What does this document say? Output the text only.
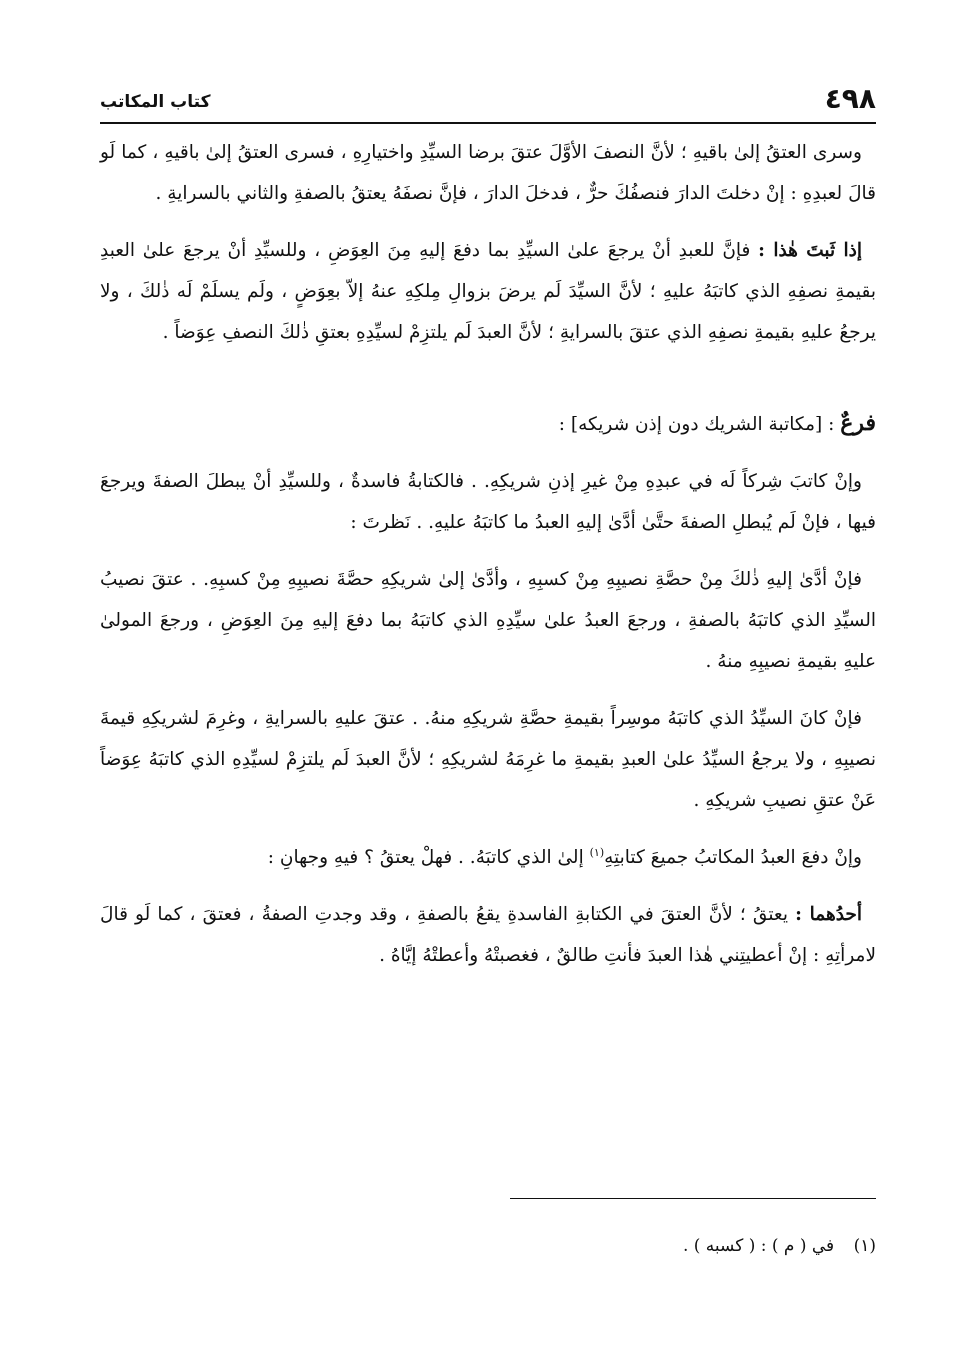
٤٩٨
كتاب المكاتب

وسرى العتقُ إلىٰ باقيهِ ؛ لأنَّ النصفَ الأوَّلَ عتقَ برضا السيِّدِ واختيارِهِ ، فسرى العتقُ إلىٰ باقيهِ ، كما لَو قالَ لعبدِهِ : إنْ دخلتَ الدارَ فنصفُكَ حرٌّ ، فدخلَ الدارَ ، فإنَّ نصفَهُ يعتقُ بالصفةِ والثاني بالسرايةِ .

إذا ثَبتَ هٰذا : فإنَّ للعبدِ أنْ يرجعَ علىٰ السيِّدِ بما دفعَ إليهِ مِنَ العِوَضِ ، وللسيِّدِ أنْ يرجعَ علىٰ العبدِ بقيمةِ نصفِهِ الذي كاتبَهُ عليهِ ؛ لأنَّ السيِّدَ لَم يرضَ بزوالِ مِلكِهِ عنهُ إلاّ بعِوَضٍ ، ولَم يسلَمْ لَه ذٰلكَ ، ولا يرجعُ عليهِ بقيمةِ نصفِهِ الذي عتقَ بالسرايةِ ؛ لأنَّ العبدَ لَم يلتزِمْ لسيِّدِهِ بعتقِ ذٰلكَ النصفِ عِوَضاً .

فرعٌ : [مكاتبة الشريك دون إذن شريكه] :

وإنْ كاتبَ شِركاً لَه في عبدِهِ مِنْ غيرِ إذنِ شريكِهِ. . فالكتابةُ فاسدةٌ ، وللسيِّدِ أنْ يبطلَ الصفةَ ويرجعَ فيها ، فإنْ لَم يُبطلِ الصفةَ حتَّىٰ أدَّىٰ إليهِ العبدُ ما كاتبَهُ عليهِ. . نَظرتَ :

فإنْ أدَّىٰ إليهِ ذٰلكَ مِنْ حصَّةِ نصيبِهِ مِنْ كسبِهِ ، وأدَّىٰ إلىٰ شريكِهِ حصَّةَ نصيبِهِ مِنْ كسبِهِ. . عتقَ نصيبُ السيِّدِ الذي كاتبَهُ بالصفةِ ، ورجعَ العبدُ علىٰ سيِّدِهِ الذي كاتبَهُ بما دفعَ إليهِ مِنَ العِوَضِ ، ورجعَ المولىٰ عليهِ بقيمةِ نصيبِهِ منهُ .

فإنْ كانَ السيِّدُ الذي كاتبَهُ موسِراً بقيمةِ حصَّةِ شريكِهِ منهُ. . عتقَ عليهِ بالسرايةِ ، وغرِمَ لشريكِهِ قيمةَ نصيبِهِ ، ولا يرجعُ السيِّدُ علىٰ العبدِ بقيمةِ ما غرِمَهُ لشريكِهِ ؛ لأنَّ العبدَ لَم يلتزِمْ لسيِّدِهِ الذي كاتبَهُ عِوَضاً عَنْ عتقِ نصيبِ شريكِهِ .

وإنْ دفعَ العبدُ المكاتبُ جميعَ كتابتِهِ$^{(١)}$ إلىٰ الذي كاتبَهُ. . فهلْ يعتقُ ؟ فيهِ وجهانِ :

أحدُهما : يعتقُ ؛ لأنَّ العتقَ في الكتابةِ الفاسدةِ يقعُ بالصفةِ ، وقد وجدتِ الصفةُ ، فعتقَ ، كما لَو قالَ لامرأتِهِ : إنْ أعطيتِني هٰذا العبدَ فأنتِ طالقٌ ، فغصبتْهُ وأعطتْهُ إيَّاهُ .

(١) في ( م ) : ( كسبه ) .
